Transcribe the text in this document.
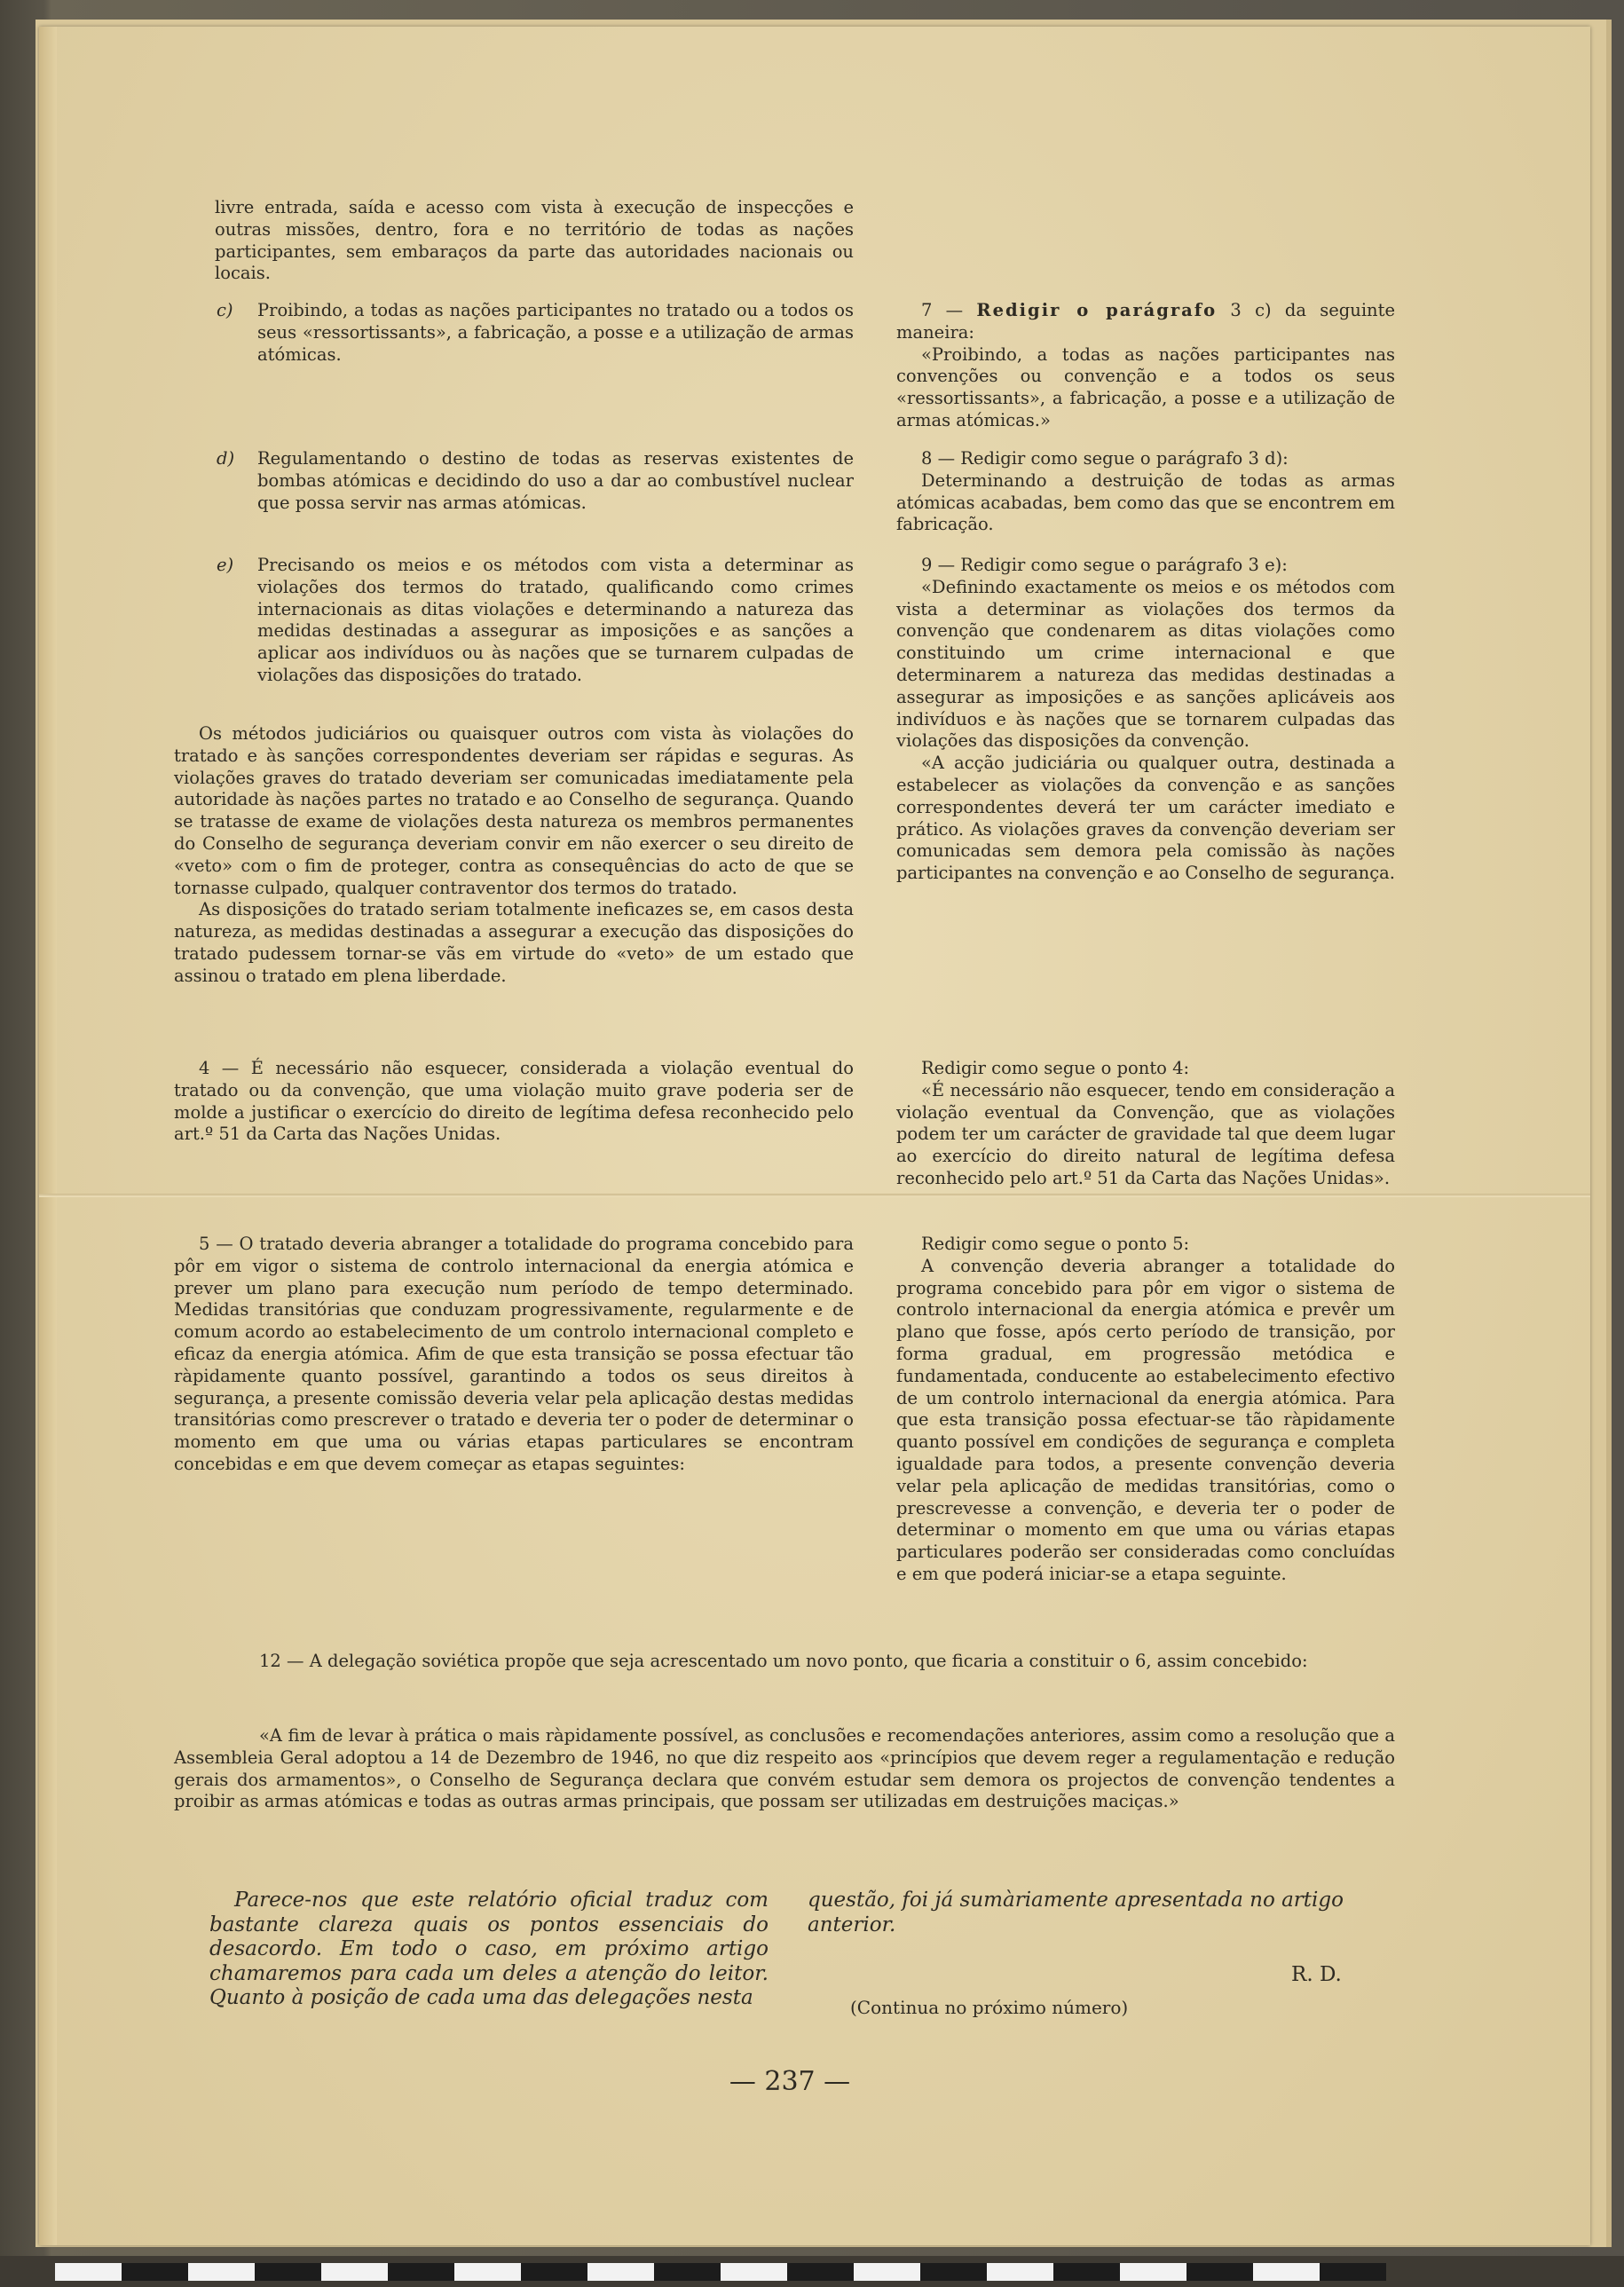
livre entrada, saída e acesso com vista à execução de inspecções e outras missões, dentro, fora e no território de todas as nações participantes, sem embaraços da parte das autoridades nacionais ou locais.

c) Proibindo, a todas as nações participantes no tratado ou a todos os seus «ressortissants», a fabricação, a posse e a utilização de armas atómicas.

d) Regulamentando o destino de todas as reservas existentes de bombas atómicas e decidindo do uso a dar ao combustível nuclear que possa servir nas armas atómicas.

e) Precisando os meios e os métodos com vista a determinar as violações dos termos do tratado, qualificando como crimes internacionais as ditas violações e determinando a natureza das medidas destinadas a assegurar as imposições e as sanções a aplicar aos indivíduos ou às nações que se turnarem culpadas de violações das disposições do tratado.

Os métodos judiciários ou quaisquer outros com vista às violações do tratado e às sanções correspondentes deveriam ser rápidas e seguras. As violações graves do tratado deveriam ser comunicadas imediatamente pela autoridade às nações partes no tratado e ao Conselho de segurança. Quando se tratasse de exame de violações desta natureza os membros permanentes do Conselho de segurança deveriam convir em não exercer o seu direito de «veto» com o fim de proteger, contra as consequências do acto de que se tornasse culpado, qualquer contraventor dos termos do tratado.

As disposições do tratado seriam totalmente ineficazes se, em casos desta natureza, as medidas destinadas a assegurar a execução das disposições do tratado pudessem tornar-se vãs em virtude do «veto» de um estado que assinou o tratado em plena liberdade.

4 — É necessário não esquecer, considerada a violação eventual do tratado ou da convenção, que uma violação muito grave poderia ser de molde a justificar o exercício do direito de legítima defesa reconhecido pelo art.º 51 da Carta das Nações Unidas.

5 — O tratado deveria abranger a totalidade do programa concebido para pôr em vigor o sistema de controlo internacional da energia atómica e prever um plano para execução num período de tempo determinado. Medidas transitórias que conduzam progressivamente, regularmente e de comum acordo ao estabelecimento de um controlo internacional completo e eficaz da energia atómica. Afim de que esta transição se possa efectuar tão ràpidamente quanto possível, garantindo a todos os seus direitos à segurança, a presente comissão deveria velar pela aplicação destas medidas transitórias como prescrever o tratado e deveria ter o poder de determinar o momento em que uma ou várias etapas particulares se encontram concebidas e em que devem começar as etapas seguintes:

7 — Redigir o parágrafo 3 c) da seguinte maneira:

«Proibindo, a todas as nações participantes nas convenções ou convenção e a todos os seus «ressortissants», a fabricação, a posse e a utilização de armas atómicas.»

8 — Redigir como segue o parágrafo 3 d):

Determinando a destruição de todas as armas atómicas acabadas, bem como das que se encontrem em fabricação.

9 — Redigir como segue o parágrafo 3 e):

«Definindo exactamente os meios e os métodos com vista a determinar as violações dos termos da convenção que condenarem as ditas violações como constituindo um crime internacional e que determinarem a natureza das medidas destinadas a assegurar as imposições e as sanções aplicáveis aos indivíduos e às nações que se tornarem culpadas das violações das disposições da convenção.

«A acção judiciária ou qualquer outra, destinada a estabelecer as violações da convenção e as sanções correspondentes deverá ter um carácter imediato e prático. As violações graves da convenção deveriam ser comunicadas sem demora pela comissão às nações participantes na convenção e ao Conselho de segurança.

Redigir como segue o ponto 4:

«É necessário não esquecer, tendo em consideração a violação eventual da Convenção, que as violações podem ter um carácter de gravidade tal que deem lugar ao exercício do direito natural de legítima defesa reconhecido pelo art.º 51 da Carta das Nações Unidas».

Redigir como segue o ponto 5:

A convenção deveria abranger a totalidade do programa concebido para pôr em vigor o sistema de controlo internacional da energia atómica e prevêr um plano que fosse, após certo período de transição, por forma gradual, em progressão metódica e fundamentada, conducente ao estabelecimento efectivo de um controlo internacional da energia atómica. Para que esta transição possa efectuar-se tão ràpidamente quanto possível em condições de segurança e completa igualdade para todos, a presente convenção deveria velar pela aplicação de medidas transitórias, como o prescrevesse a convenção, e deveria ter o poder de determinar o momento em que uma ou várias etapas particulares poderão ser consideradas como concluídas e em que poderá iniciar-se a etapa seguinte.

12 — A delegação soviética propõe que seja acrescentado um novo ponto, que ficaria a constituir o 6, assim concebido:

«A fim de levar à prática o mais ràpidamente possível, as conclusões e recomendações anteriores, assim como a resolução que a Assembleia Geral adoptou a 14 de Dezembro de 1946, no que diz respeito aos «princípios que devem reger a regulamentação e redução gerais dos armamentos», o Conselho de Segurança declara que convém estudar sem demora os projectos de convenção tendentes a proibir as armas atómicas e todas as outras armas principais, que possam ser utilizadas em destruições maciças.»

Parece-nos que este relatório oficial traduz com bastante clareza quais os pontos essenciais do desacordo. Em todo o caso, em próximo artigo chamaremos para cada um deles a atenção do leitor. Quanto à posição de cada uma das delegações nesta

questão, foi já sumàriamente apresentada no artigo anterior.

R. D.
(Continua no próximo número)
— 237 —
